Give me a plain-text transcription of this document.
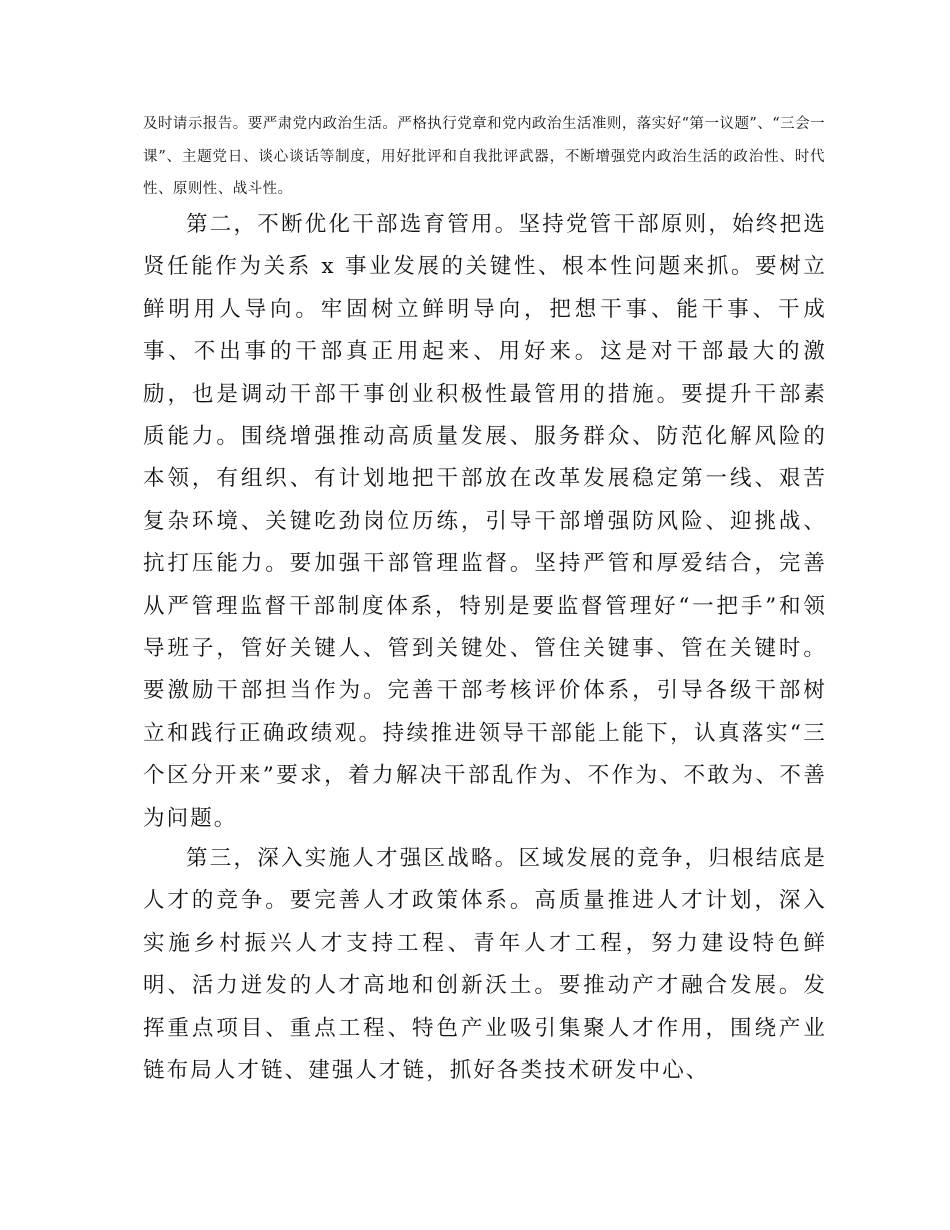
及时请示报告。要严肃党内政治生活。严格执行党章和党内政治生活准则，落实好“第一议题”、“三会一课”、主题党日、谈心谈话等制度，用好批评和自我批评武器，不断增强党内政治生活的政治性、时代性、原则性、战斗性。

第二，不断优化干部选育管用。坚持党管干部原则，始终把选贤任能作为关系 x 事业发展的关键性、根本性问题来抓。要树立鲜明用人导向。牢固树立鲜明导向，把想干事、能干事、干成事、不出事的干部真正用起来、用好来。这是对干部最大的激励，也是调动干部干事创业积极性最管用的措施。要提升干部素质能力。围绕增强推动高质量发展、服务群众、防范化解风险的本领，有组织、有计划地把干部放在改革发展稳定第一线、艰苦复杂环境、关键吃劲岗位历练，引导干部增强防风险、迎挑战、抗打压能力。要加强干部管理监督。坚持严管和厚爱结合，完善从严管理监督干部制度体系，特别是要监督管理好“一把手”和领导班子，管好关键人、管到关键处、管住关键事、管在关键时。要激励干部担当作为。完善干部考核评价体系，引导各级干部树立和践行正确政绩观。持续推进领导干部能上能下，认真落实“三个区分开来”要求，着力解决干部乱作为、不作为、不敢为、不善为问题。

第三，深入实施人才强区战略。区域发展的竞争，归根结底是人才的竞争。要完善人才政策体系。高质量推进人才计划，深入实施乡村振兴人才支持工程、青年人才工程，努力建设特色鲜明、活力迸发的人才高地和创新沃土。要推动产才融合发展。发挥重点项目、重点工程、特色产业吸引集聚人才作用，围绕产业链布局人才链、建强人才链，抓好各类技术研发中心、
